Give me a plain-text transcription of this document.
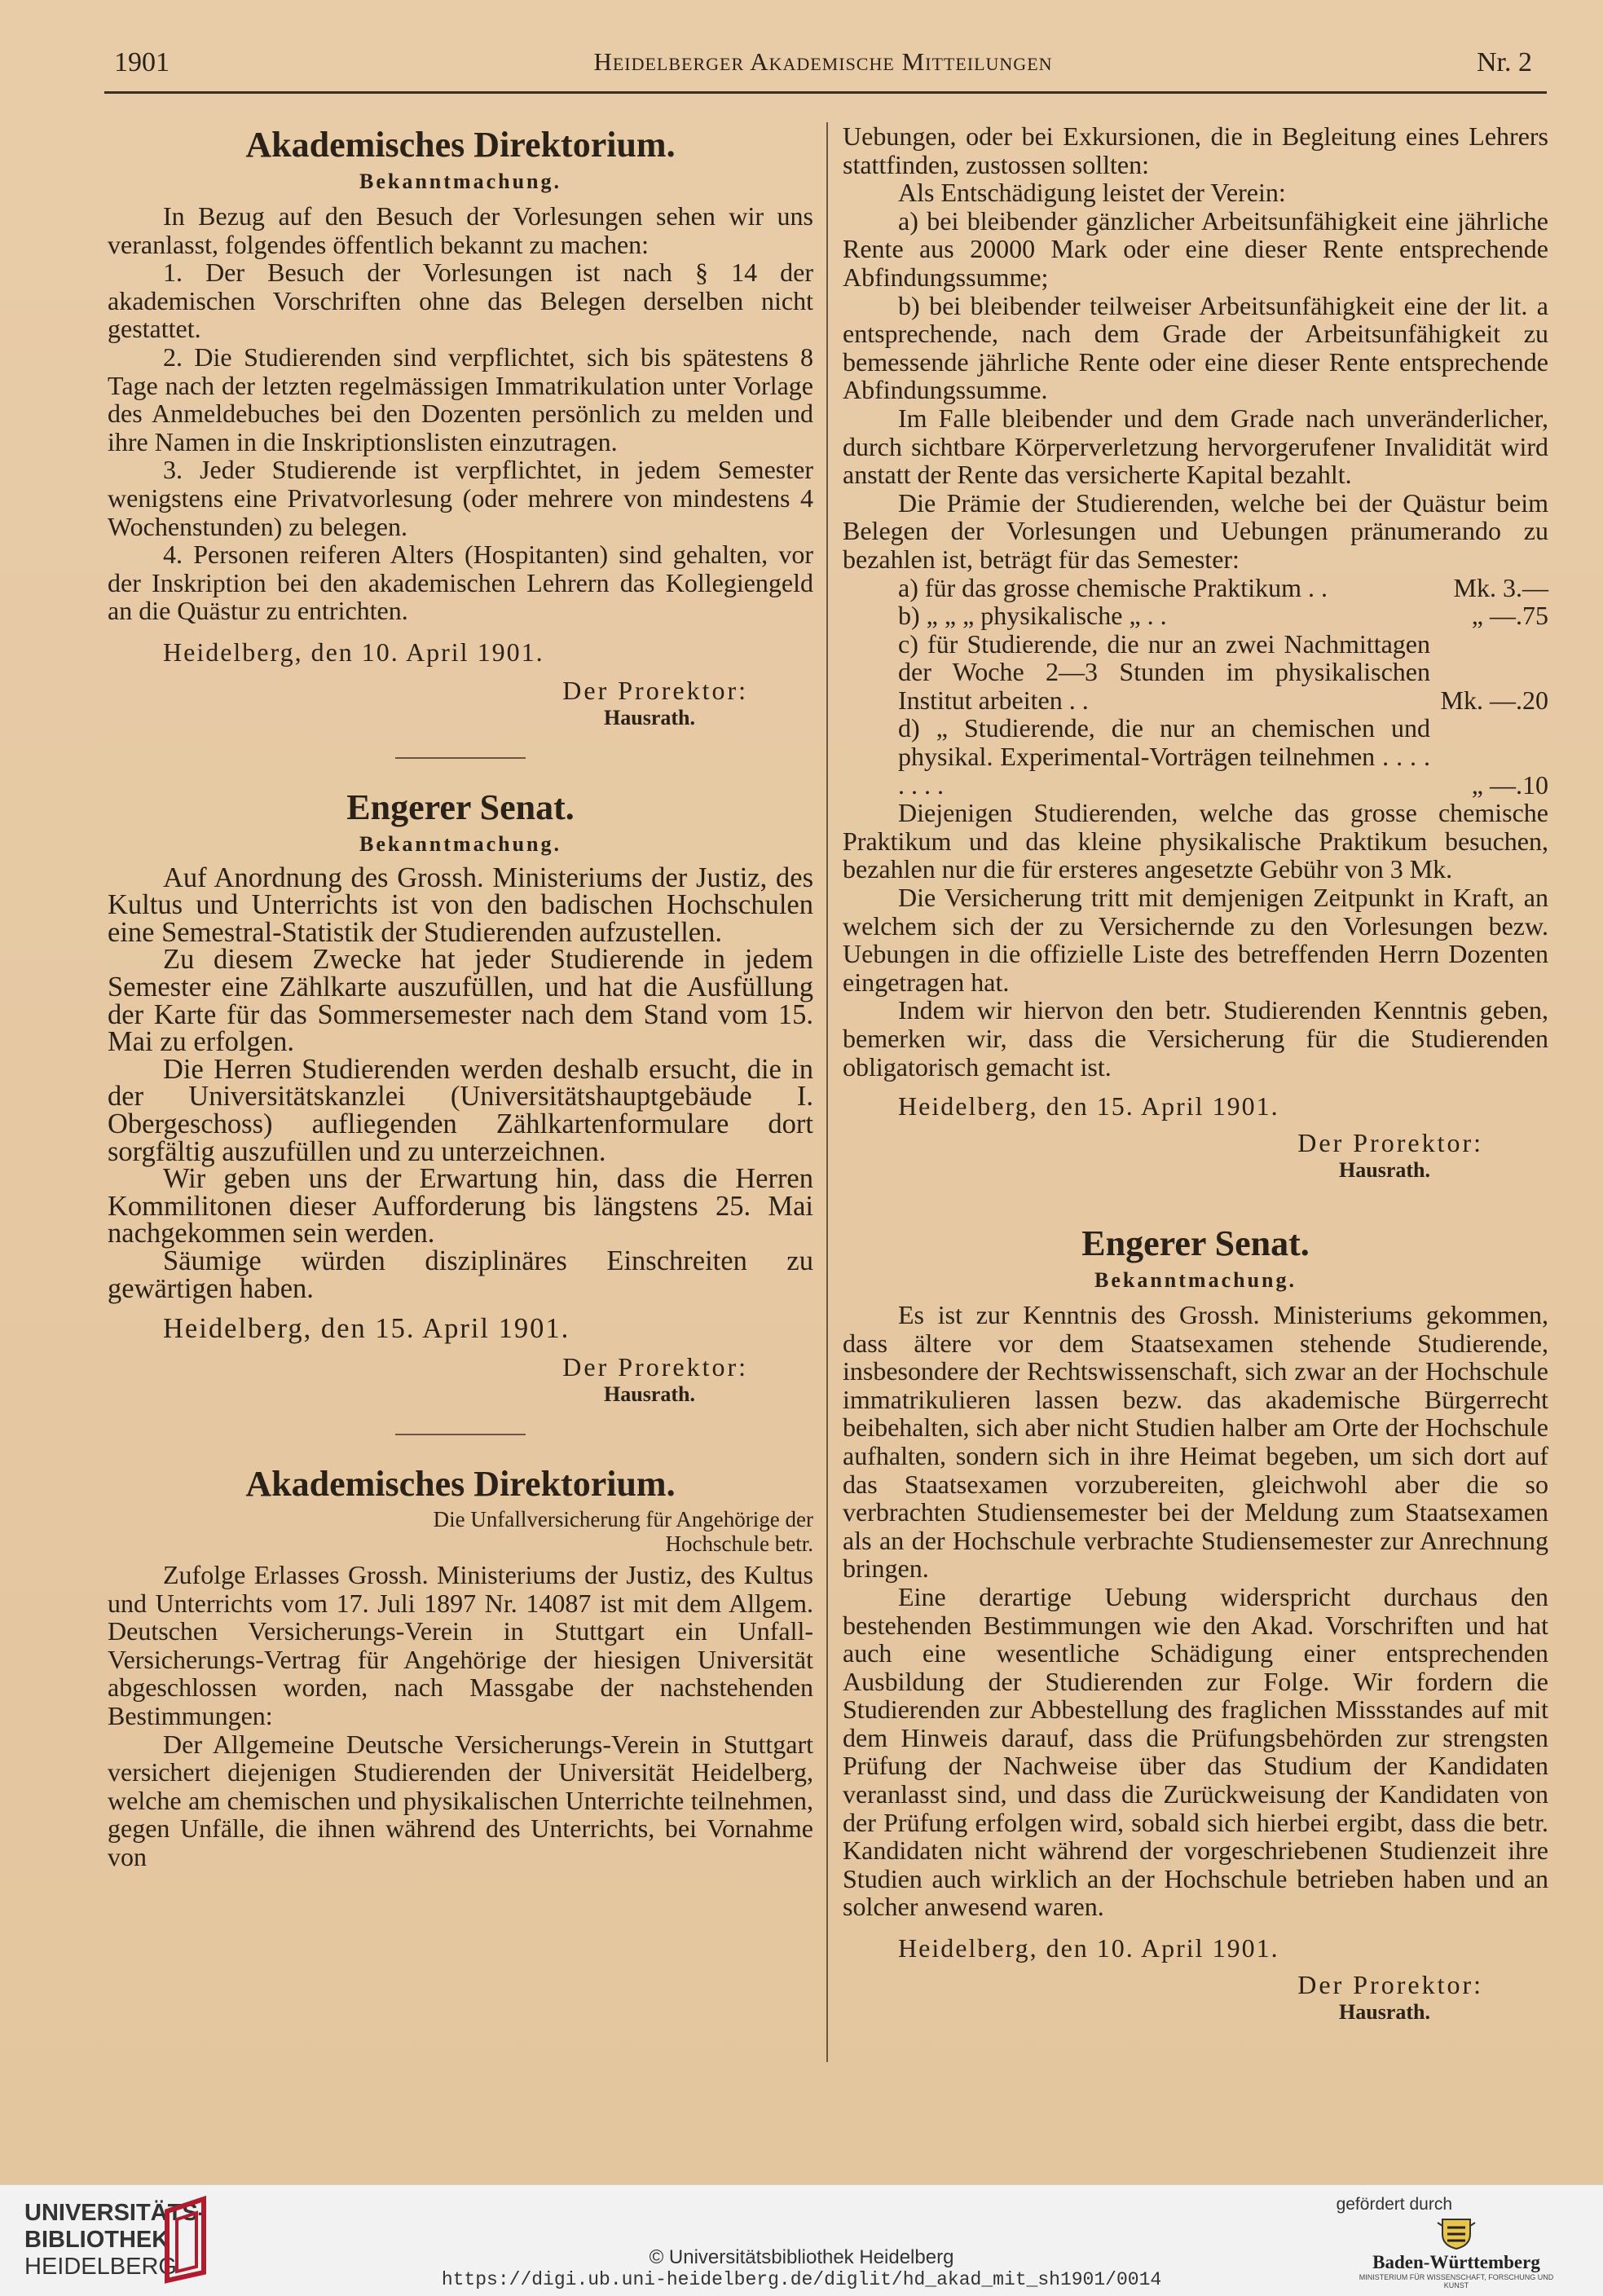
1901	Heidelberger Akademische Mitteilungen	Nr. 2
Akademisches Direktorium.
Bekanntmachung.

In Bezug auf den Besuch der Vorlesungen sehen wir uns veranlasst, folgendes öffentlich bekannt zu machen:

1. Der Besuch der Vorlesungen ist nach § 14 der akademischen Vorschriften ohne das Belegen derselben nicht gestattet.

2. Die Studierenden sind verpflichtet, sich bis spätestens 8 Tage nach der letzten regelmässigen Immatrikulation unter Vorlage des Anmeldebuches bei den Dozenten persönlich zu melden und ihre Namen in die Inskriptionslisten einzutragen.

3. Jeder Studierende ist verpflichtet, in jedem Semester wenigstens eine Privatvorlesung (oder mehrere von mindestens 4 Wochenstunden) zu belegen.

4. Personen reiferen Alters (Hospitanten) sind gehalten, vor der Inskription bei den akademischen Lehrern das Kollegiengeld an die Quästur zu entrichten.

Heidelberg, den 10. April 1901.

Der Prorektor:

Hausrath.

Engerer Senat.
Bekanntmachung.

Auf Anordnung des Grossh. Ministeriums der Justiz, des Kultus und Unterrichts ist von den badischen Hochschulen eine Semestral-Statistik der Studierenden aufzustellen.

Zu diesem Zwecke hat jeder Studierende in jedem Semester eine Zählkarte auszufüllen, und hat die Ausfüllung der Karte für das Sommersemester nach dem Stand vom 15. Mai zu erfolgen.

Die Herren Studierenden werden deshalb ersucht, die in der Universitätskanzlei (Universitätshauptgebäude I. Obergeschoss) aufliegenden Zählkartenformulare dort sorgfältig auszufüllen und zu unterzeichnen.

Wir geben uns der Erwartung hin, dass die Herren Kommilitonen dieser Aufforderung bis längstens 25. Mai nachgekommen sein werden.

Säumige würden disziplinäres Einschreiten zu gewärtigen haben.

Heidelberg, den 15. April 1901.

Der Prorektor:

Hausrath.

Akademisches Direktorium.
Die Unfallversicherung für Angehörige der Hochschule betr.

Zufolge Erlasses Grossh. Ministeriums der Justiz, des Kultus und Unterrichts vom 17. Juli 1897 Nr. 14087 ist mit dem Allgem. Deutschen Versicherungs-Verein in Stuttgart ein Unfall-Versicherungs-Vertrag für Angehörige der hiesigen Universität abgeschlossen worden, nach Massgabe der nachstehenden Bestimmungen:

Der Allgemeine Deutsche Versicherungs-Verein in Stuttgart versichert diejenigen Studierenden der Universität Heidelberg, welche am chemischen und physikalischen Unterrichte teilnehmen, gegen Unfälle, die ihnen während des Unterrichts, bei Vornahme von

Uebungen, oder bei Exkursionen, die in Begleitung eines Lehrers stattfinden, zustossen sollten:

Als Entschädigung leistet der Verein:

a) bei bleibender gänzlicher Arbeitsunfähigkeit eine jährliche Rente aus 20000 Mark oder eine dieser Rente entsprechende Abfindungssumme;

b) bei bleibender teilweiser Arbeitsunfähigkeit eine der lit. a entsprechende, nach dem Grade der Arbeitsunfähigkeit zu bemessende jährliche Rente oder eine dieser Rente entsprechende Abfindungssumme.

Im Falle bleibender und dem Grade nach unveränderlicher, durch sichtbare Körperverletzung hervorgerufener Invalidität wird anstatt der Rente das versicherte Kapital bezahlt.

Die Prämie der Studierenden, welche bei der Quästur beim Belegen der Vorlesungen und Uebungen pränumerando zu bezahlen ist, beträgt für das Semester:

a) für das grosse chemische Praktikum . .	Mk. 3.—
b) „ „ „ physikalische „ . .	„ —.75
c) für Studierende, die nur an zwei Nachmittagen der Woche 2—3 Stunden im physikalischen Institut arbeiten . .	Mk. —.20
d) „ Studierende, die nur an chemischen und physikal. Experimental-Vorträgen teilnehmen . . . . . . . .	„ —.10

Diejenigen Studierenden, welche das grosse chemische Praktikum und das kleine physikalische Praktikum besuchen, bezahlen nur die für ersteres angesetzte Gebühr von 3 Mk.

Die Versicherung tritt mit demjenigen Zeitpunkt in Kraft, an welchem sich der zu Versichernde zu den Vorlesungen bezw. Uebungen in die offizielle Liste des betreffenden Herrn Dozenten eingetragen hat.

Indem wir hiervon den betr. Studierenden Kenntnis geben, bemerken wir, dass die Versicherung für die Studierenden obligatorisch gemacht ist.

Heidelberg, den 15. April 1901.

Der Prorektor:

Hausrath.

Engerer Senat.
Bekanntmachung.

Es ist zur Kenntnis des Grossh. Ministeriums gekommen, dass ältere vor dem Staatsexamen stehende Studierende, insbesondere der Rechtswissenschaft, sich zwar an der Hochschule immatrikulieren lassen bezw. das akademische Bürgerrecht beibehalten, sich aber nicht Studien halber am Orte der Hochschule aufhalten, sondern sich in ihre Heimat begeben, um sich dort auf das Staatsexamen vorzubereiten, gleichwohl aber die so verbrachten Studiensemester bei der Meldung zum Staatsexamen als an der Hochschule verbrachte Studiensemester zur Anrechnung bringen.

Eine derartige Uebung widerspricht durchaus den bestehenden Bestimmungen wie den Akad. Vorschriften und hat auch eine wesentliche Schädigung einer entsprechenden Ausbildung der Studierenden zur Folge. Wir fordern die Studierenden zur Abbestellung des fraglichen Missstandes auf mit dem Hinweis darauf, dass die Prüfungsbehörden zur strengsten Prüfung der Nachweise über das Studium der Kandidaten veranlasst sind, und dass die Zurückweisung der Kandidaten von der Prüfung erfolgen wird, sobald sich hierbei ergibt, dass die betr. Kandidaten nicht während der vorgeschriebenen Studienzeit ihre Studien auch wirklich an der Hochschule betrieben haben und an solcher anwesend waren.

Heidelberg, den 10. April 1901.

Der Prorektor:

Hausrath.

UNIVERSITÄTS-
BIBLIOTHEK
HEIDELBERG	© Universitätsbibliothek Heidelberg
https://digi.ub.uni-heidelberg.de/diglit/hd_akad_mit_sh1901/0014
gefördert durch
Baden-Württemberg
MINISTERIUM FÜR WISSENSCHAFT, FORSCHUNG UND KUNST
